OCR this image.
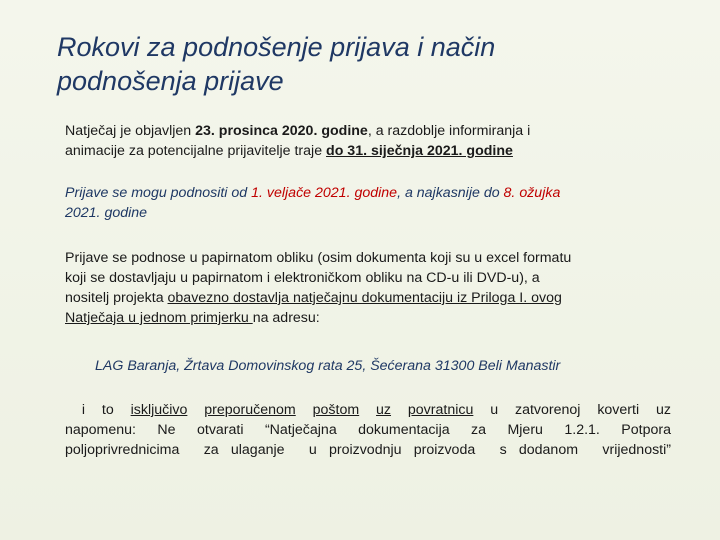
Rokovi za podnošenje prijava i način
podnošenja prijave
Natječaj je objavljen 23. prosinca 2020. godine, a razdoblje informiranja i
animacije za potencijalne prijavitelje traje do 31. siječnja 2021. godine
Prijave se mogu podnositi od 1. veljače 2021. godine, a najkasnije do 8. ožujka
2021. godine
Prijave se podnose u papirnatom obliku (osim dokumenta koji su u excel formatu
koji se dostavljaju u papirnatom i elektroničkom obliku na CD-u ili DVD-u), a
nositelj projekta obavezno dostavlja natječajnu dokumentaciju iz Priloga I. ovog
Natječaja u jednom primjerku na adresu:
LAG Baranja, Žrtava Domovinskog rata 25, Šećerana 31300 Beli Manastir
i  to  isključivo preporučenom poštom uz povratnicu  u  zatvorenoj  koverti  uz
napomenu:  Ne  otvarati  “Natječajna  dokumentacija  za  Mjeru  1.2.1.  Potpora
poljoprivrednicima  za ulaganje  u proizvodnju proizvoda  s dodanom  vrijednosti”
